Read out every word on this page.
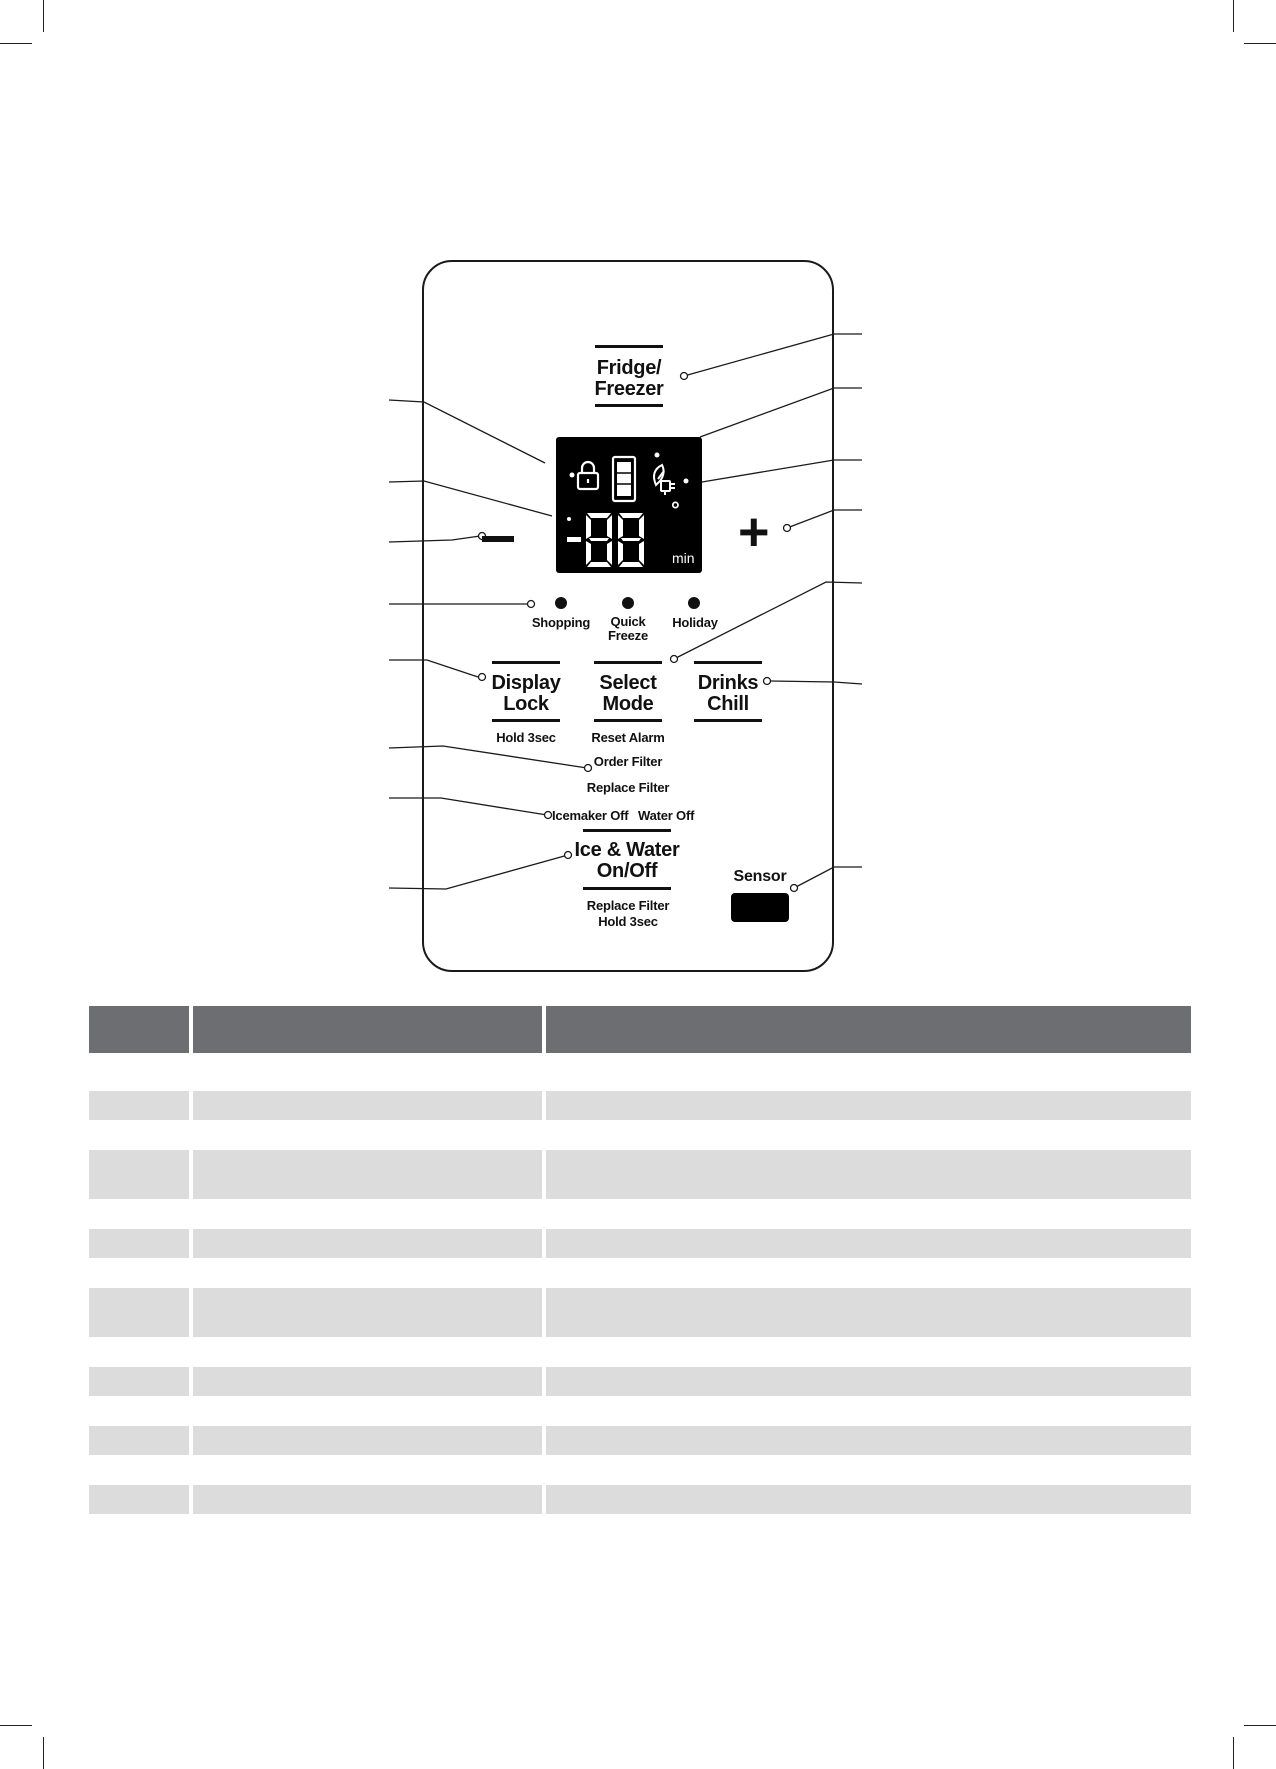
Fridge/
Freezer
°
min +
Shopping	Quick Freeze
Holiday
Display
Lock
Hold 3sec
Select
Mode
Reset Alarm
Drinks
Chill
Order Filter
Replace Filter
Icemaker Off Water Off
Ice & Water
On/Off
Replace Filter
Hold 3sec
Sensor
